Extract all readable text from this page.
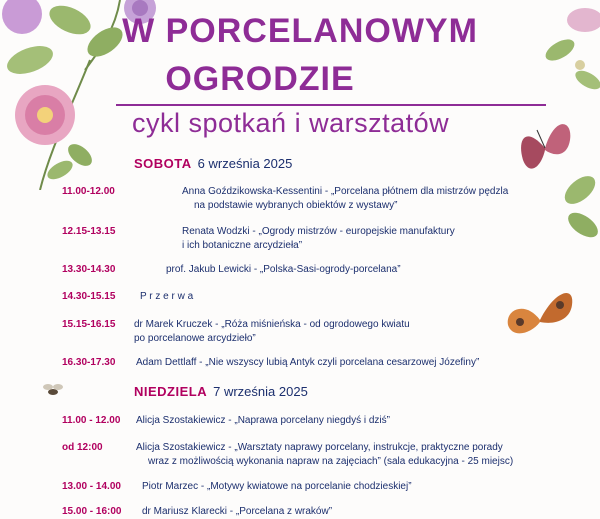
W PORCELANOWYM
OGRODZIE
cykl spotkań i warsztatów
SOBOTA 6 września 2025
11.00-12.00	Anna Goździkowska-Kessentini - „Porcelana płótnem dla mistrzów pędzla
na podstawie wybranych obiektów z wystawy”
12.15-13.15	Renata Wodzki - „Ogrody mistrzów - europejskie manufaktury
i ich botaniczne arcydzieła”
13.30-14.30	prof. Jakub Lewicki - „Polska-Sasi-ogrody-porcelana”
14.30-15.15 P r z e r w a
15.15-16.15 dr Marek Kruczek - „Róża miśnieńska - od ogrodowego kwiatu
po porcelanowe arcydzieło”
16.30-17.30 Adam Dettlaff - „Nie wszyscy lubią Antyk czyli porcelana cesarzowej Józefiny”
NIEDZIELA 7 września 2025
11.00 - 12.00 Alicja Szostakiewicz - „Naprawa porcelany niegdyś i dziś”
od 12:00	Alicja Szostakiewicz - „Warsztaty naprawy porcelany, instrukcje, praktyczne porady
wraz z możliwością wykonania napraw na zajęciach” (sala edukacyjna - 25 miejsc)
13.00 - 14.00 Piotr Marzec - „Motywy kwiatowe na porcelanie chodzieskiej”
15.00 - 16:00 dr Mariusz Klarecki - „Porcelana z wraków”
